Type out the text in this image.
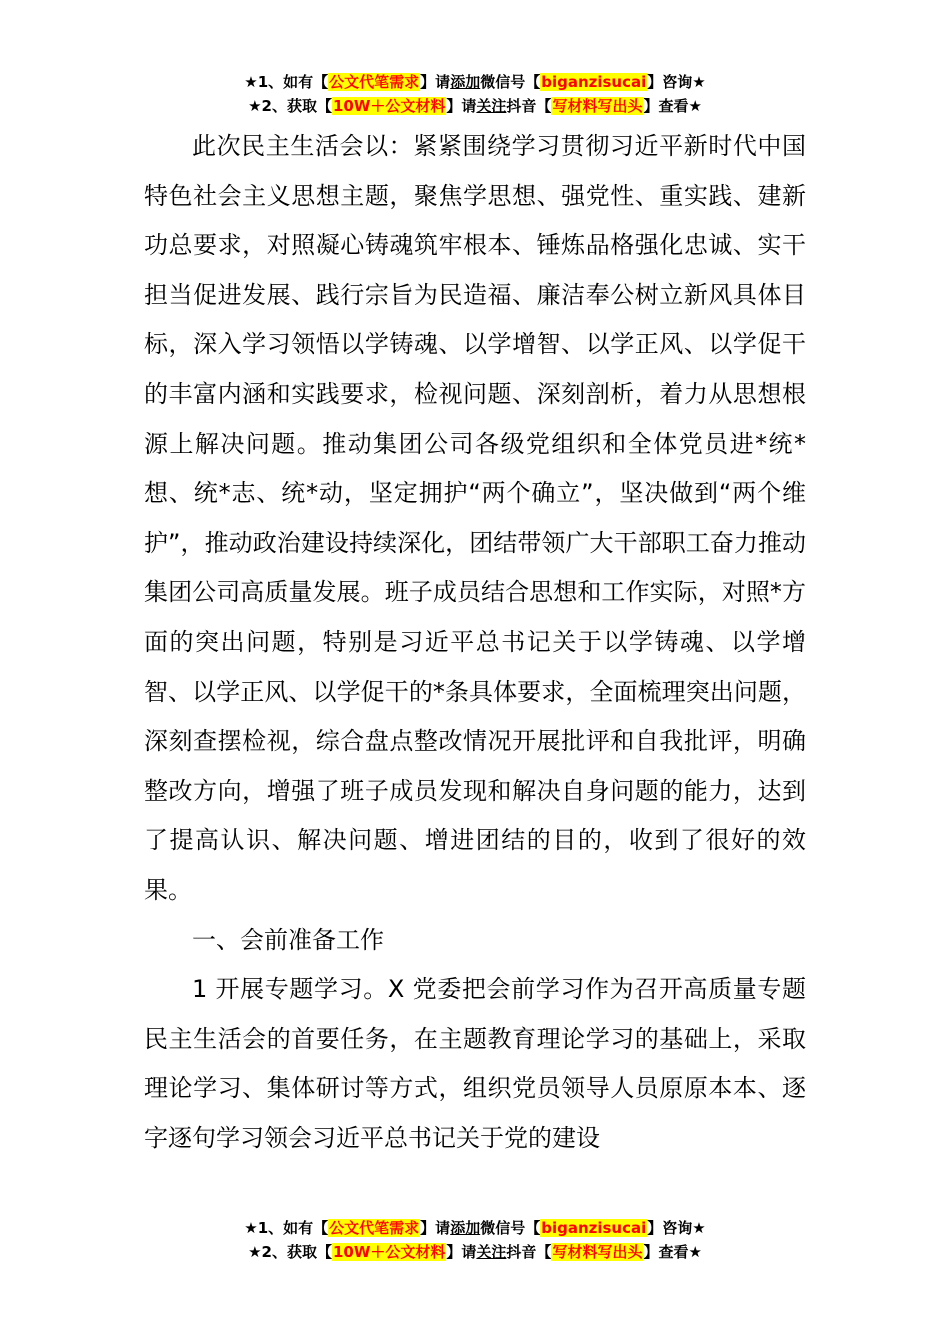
★1、如有【公文代笔需求】请添加微信号【biganzisucai】咨询★
★2、获取【10W＋公文材料】请关注抖音【写材料写出头】查看★

此次民主生活会以：紧紧围绕学习贯彻习近平新时代中国特色社会主义思想主题，聚焦学思想、强党性、重实践、建新功总要求，对照凝心铸魂筑牢根本、锤炼品格强化忠诚、实干担当促进发展、践行宗旨为民造福、廉洁奉公树立新风具体目标，深入学习领悟以学铸魂、以学增智、以学正风、以学促干的丰富内涵和实践要求，检视问题、深刻剖析，着力从思想根源上解决问题。推动集团公司各级党组织和全体党员进*统*想、统*志、统*动，坚定拥护“两个确立”，坚决做到“两个维护”，推动政治建设持续深化，团结带领广大干部职工奋力推动集团公司高质量发展。班子成员结合思想和工作实际，对照*方面的突出问题，特别是习近平总书记关于以学铸魂、以学增智、以学正风、以学促干的*条具体要求，全面梳理突出问题，深刻查摆检视，综合盘点整改情况开展批评和自我批评，明确整改方向，增强了班子成员发现和解决自身问题的能力，达到了提高认识、解决问题、增进团结的目的，收到了很好的效果。

一、会前准备工作

1 开展专题学习。X 党委把会前学习作为召开高质量专题民主生活会的首要任务，在主题教育理论学习的基础上，采取理论学习、集体研讨等方式，组织党员领导人员原原本本、逐字逐句学习领会习近平总书记关于党的建设

★1、如有【公文代笔需求】请添加微信号【biganzisucai】咨询★
★2、获取【10W＋公文材料】请关注抖音【写材料写出头】查看★
